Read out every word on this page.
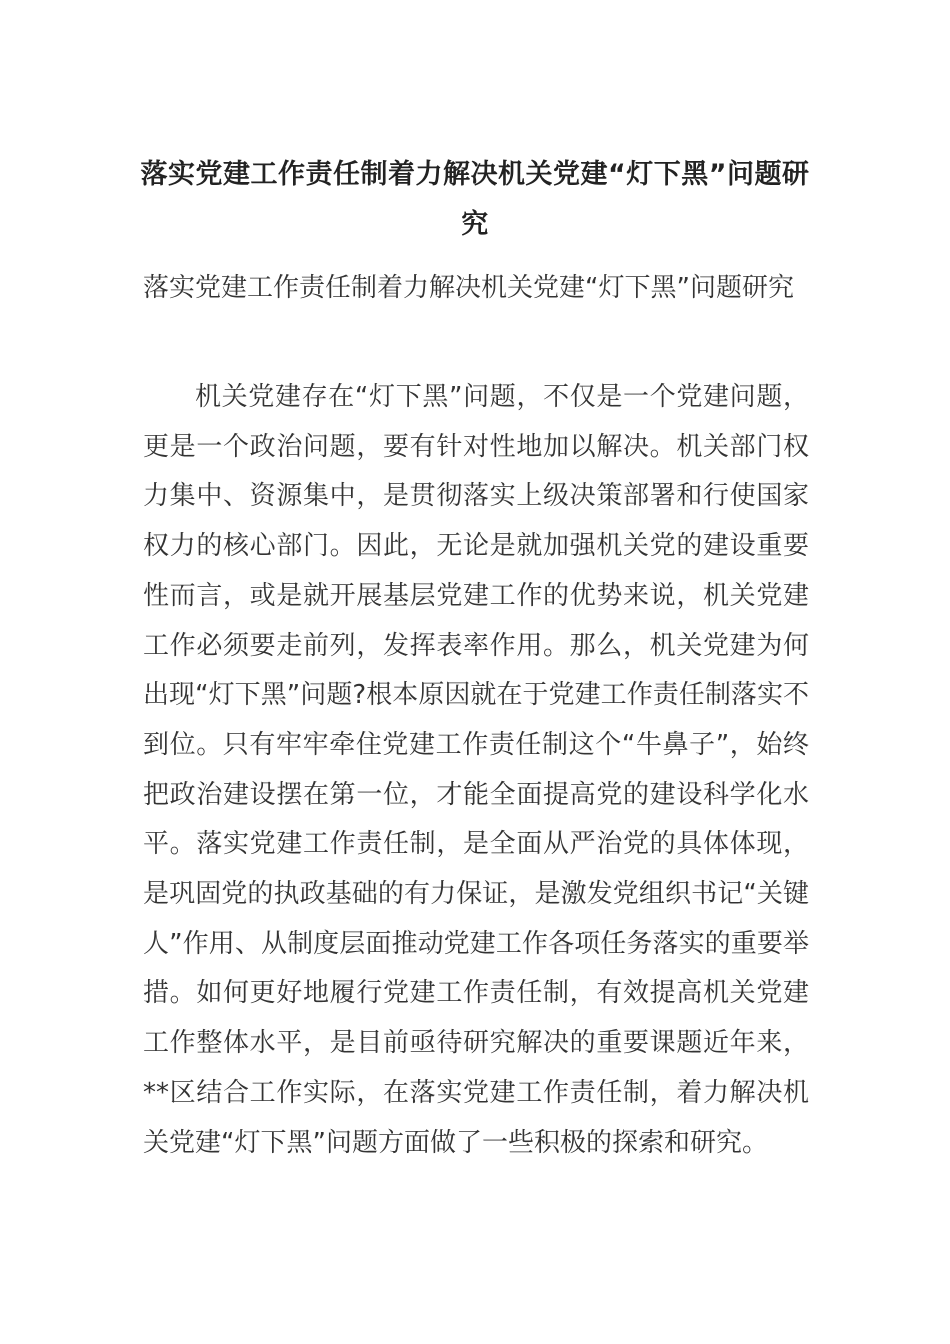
落实党建工作责任制着力解决机关党建“灯下黑”问题研究

落实党建工作责任制着力解决机关党建“灯下黑”问题研究

机关党建存在“灯下黑”问题，不仅是一个党建问题，更是一个政治问题，要有针对性地加以解决。机关部门权力集中、资源集中，是贯彻落实上级决策部署和行使国家权力的核心部门。因此，无论是就加强机关党的建设重要性而言，或是就开展基层党建工作的优势来说，机关党建工作必须要走前列，发挥表率作用。那么，机关党建为何出现“灯下黑”问题?根本原因就在于党建工作责任制落实不到位。只有牢牢牵住党建工作责任制这个“牛鼻子”，始终把政治建设摆在第一位，才能全面提高党的建设科学化水平。落实党建工作责任制，是全面从严治党的具体体现，是巩固党的执政基础的有力保证，是激发党组织书记“关键人”作用、从制度层面推动党建工作各项任务落实的重要举措。如何更好地履行党建工作责任制，有效提高机关党建工作整体水平，是目前亟待研究解决的重要课题近年来，**区结合工作实际，在落实党建工作责任制，着力解决机关党建“灯下黑”问题方面做了一些积极的探索和研究。
